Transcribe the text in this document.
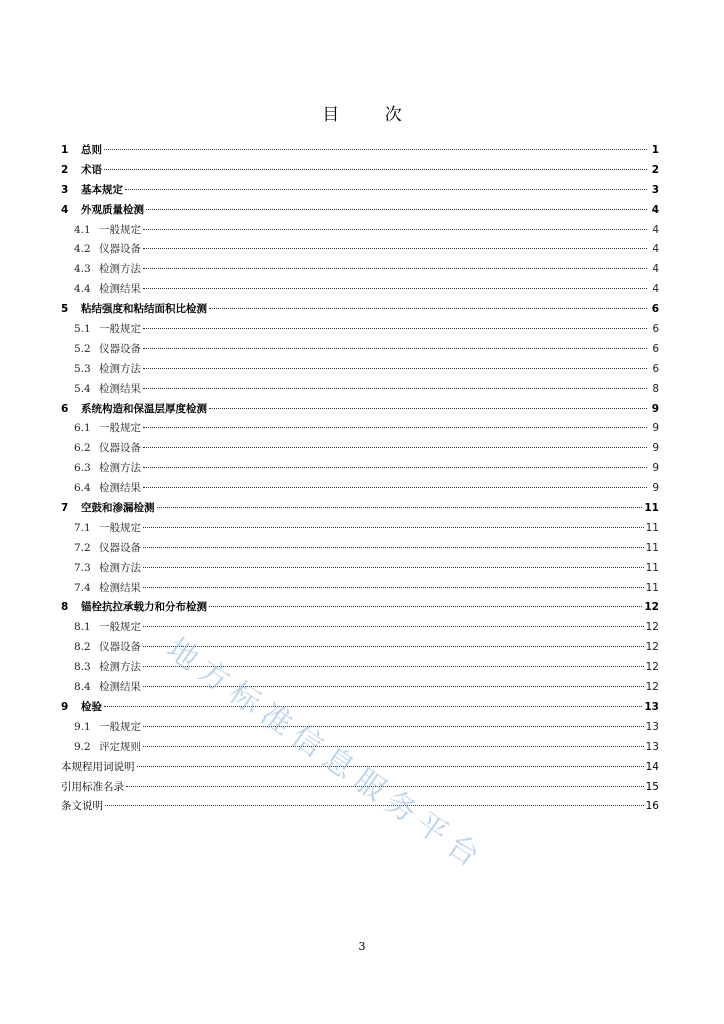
目 次
1	总则	1
2	术语	2
3	基本规定	3
4	外观质量检测	4
4.1 一般规定	4
4.2 仪器设备	4
4.3 检测方法	4
4.4 检测结果	4
5	粘结强度和粘结面积比检测	6
5.1 一般规定	6
5.2 仪器设备	6
5.3 检测方法	6
5.4 检测结果	8
6	系统构造和保温层厚度检测	9
6.1 一般规定	9
6.2 仪器设备	9
6.3 检测方法	9
6.4 检测结果	9
7	空鼓和渗漏检测	11
7.1 一般规定	11
7.2 仪器设备	11
7.3 检测方法	11
7.4 检测结果	11
8	锚栓抗拉承载力和分布检测	12
8.1 一般规定	12
8.2 仪器设备	12
8.3 检测方法	12
8.4 检测结果	12
9	检验	13
9.1 一般规定	13
9.2 评定规则	13
本规程用词说明	14
引用标准名录	15
条文说明	16
地方标准信息服务平台
3
